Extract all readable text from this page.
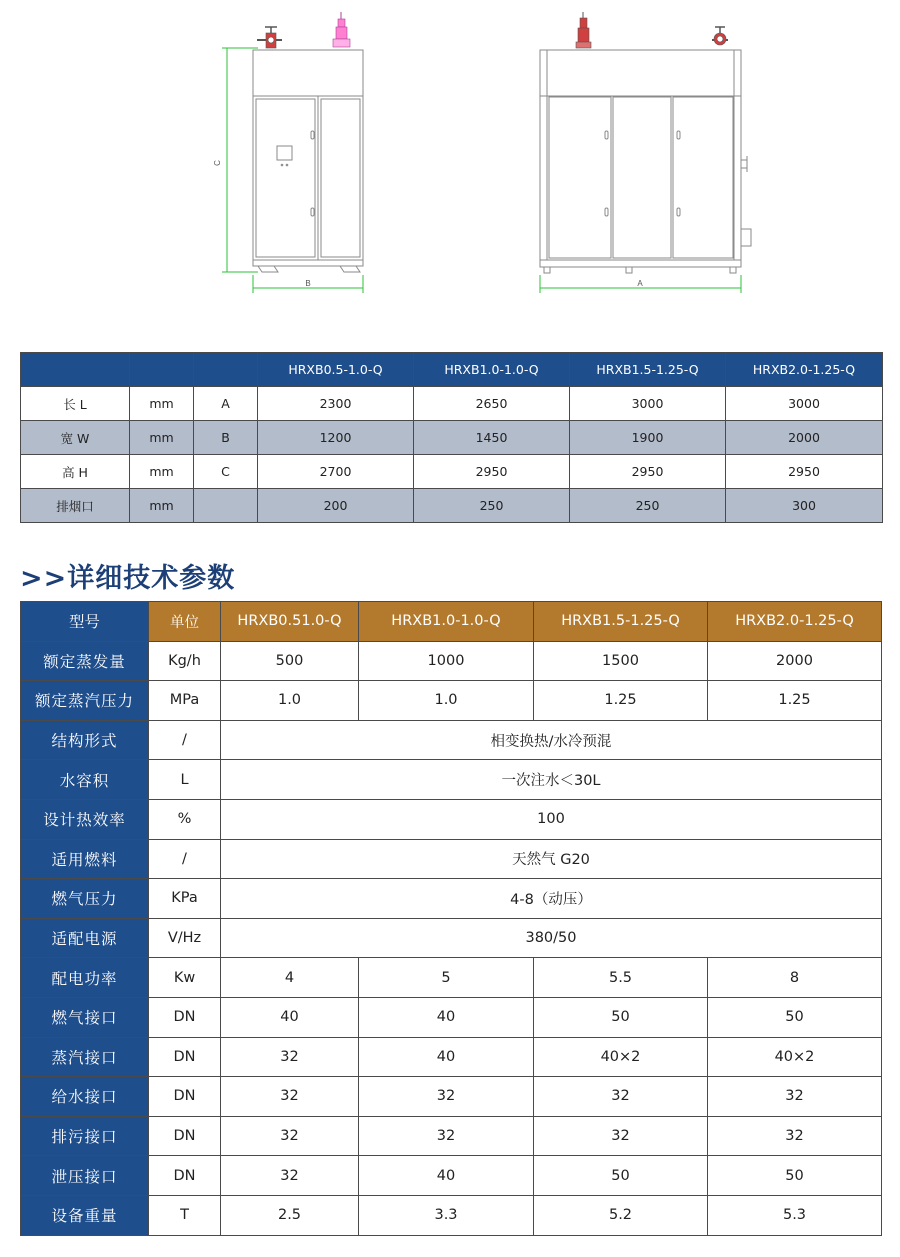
C
B	A
			HRXB0.5-1.0-Q	HRXB1.0-1.0-Q	HRXB1.5-1.25-Q	HRXB2.0-1.25-Q
长 L	mm	A	2300	2650	3000	3000
宽 W	mm	B	1200	1450	1900	2000
高 H	mm	C	2700	2950	2950	2950
排烟口	mm		200	250	250	300
>>详细技术参数
型号	单位	HRXB0.51.0-Q	HRXB1.0-1.0-Q	HRXB1.5-1.25-Q	HRXB2.0-1.25-Q
额定蒸发量	Kg/h	500	1000	1500	2000
额定蒸汽压力	MPa	1.0	1.0	1.25	1.25
结构形式	/	相变换热/水冷预混			
水容积	L	一次注水＜30L			
设计热效率	%	100			
适用燃料	/	天然气 G20			
燃气压力	KPa	4-8（动压）			
适配电源	V/Hz	380/50			
配电功率	Kw	4	5	5.5	8
燃气接口	DN	40	40	50	50
蒸汽接口	DN	32	40	40×2	40×2
给水接口	DN	32	32	32	32
排污接口	DN	32	32	32	32
泄压接口	DN	32	40	50	50
设备重量	T	2.5	3.3	5.2	5.3
